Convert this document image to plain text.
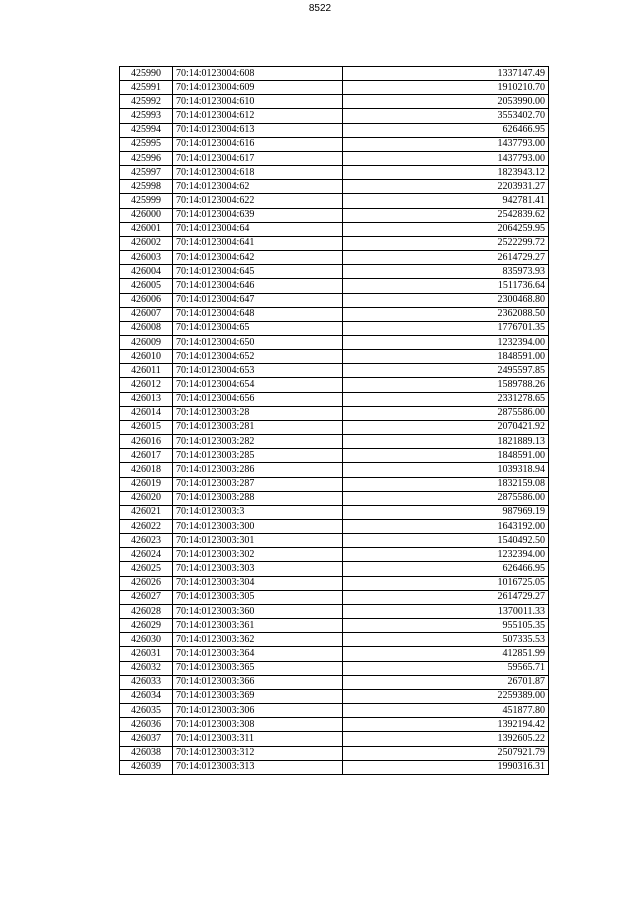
8522
425990	70:14:0123004:608	1337147.49
425991	70:14:0123004:609	1910210.70
425992	70:14:0123004:610	2053990.00
425993	70:14:0123004:612	3553402.70
425994	70:14:0123004:613	626466.95
425995	70:14:0123004:616	1437793.00
425996	70:14:0123004:617	1437793.00
425997	70:14:0123004:618	1823943.12
425998	70:14:0123004:62	2203931.27
425999	70:14:0123004:622	942781.41
426000	70:14:0123004:639	2542839.62
426001	70:14:0123004:64	2064259.95
426002	70:14:0123004:641	2522299.72
426003	70:14:0123004:642	2614729.27
426004	70:14:0123004:645	835973.93
426005	70:14:0123004:646	1511736.64
426006	70:14:0123004:647	2300468.80
426007	70:14:0123004:648	2362088.50
426008	70:14:0123004:65	1776701.35
426009	70:14:0123004:650	1232394.00
426010	70:14:0123004:652	1848591.00
426011	70:14:0123004:653	2495597.85
426012	70:14:0123004:654	1589788.26
426013	70:14:0123004:656	2331278.65
426014	70:14:0123003:28	2875586.00
426015	70:14:0123003:281	2070421.92
426016	70:14:0123003:282	1821889.13
426017	70:14:0123003:285	1848591.00
426018	70:14:0123003:286	1039318.94
426019	70:14:0123003:287	1832159.08
426020	70:14:0123003:288	2875586.00
426021	70:14:0123003:3	987969.19
426022	70:14:0123003:300	1643192.00
426023	70:14:0123003:301	1540492.50
426024	70:14:0123003:302	1232394.00
426025	70:14:0123003:303	626466.95
426026	70:14:0123003:304	1016725.05
426027	70:14:0123003:305	2614729.27
426028	70:14:0123003:360	1370011.33
426029	70:14:0123003:361	955105.35
426030	70:14:0123003:362	507335.53
426031	70:14:0123003:364	412851.99
426032	70:14:0123003:365	59565.71
426033	70:14:0123003:366	26701.87
426034	70:14:0123003:369	2259389.00
426035	70:14:0123003:306	451877.80
426036	70:14:0123003:308	1392194.42
426037	70:14:0123003:311	1392605.22
426038	70:14:0123003:312	2507921.79
426039	70:14:0123003:313	1990316.31
